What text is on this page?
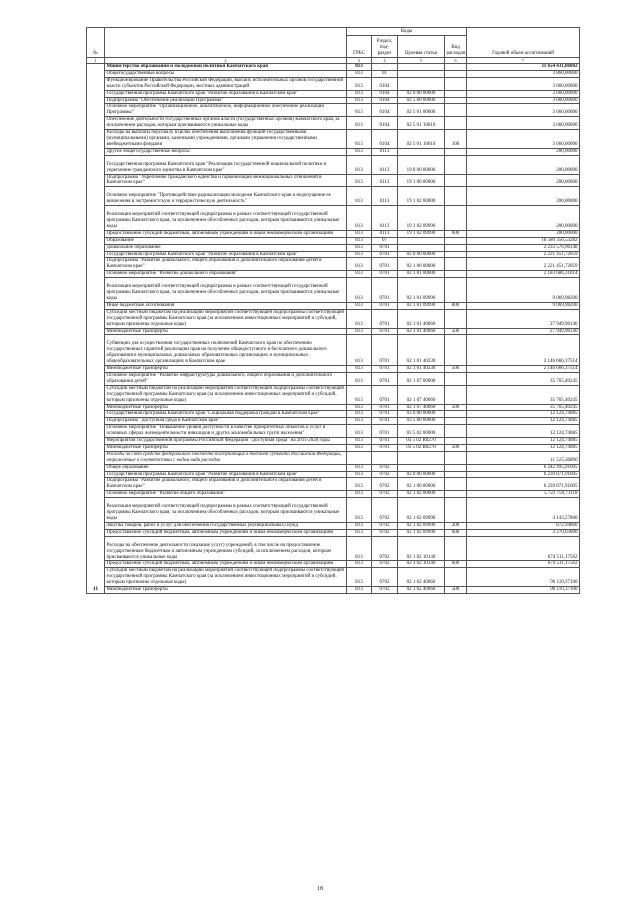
№		Коды				Годовой объем ассигнований
		ГРБС	Раздел, под-раздел	Целевая статья	Вид расходов	
1	2	3	4	5	6	7
11	Министерство образования и молодежной политики Камчатского края	813				11 654 431,06802
	Общегосударственные вопросы	813	01			3 860,00000
	Функционирование Правительства Российской Федерации, высших исполнительных органов государственной власти субъектов Российской Федерации, местных администраций	813	0104			3 660,00000
	Государственная программа Камчатского края "Развитие образования в Камчатском крае"	813	0104	02 0 00 00000		3 660,00000
	Подпрограмма "Обеспечение реализации Программы"	813	0104	02 5 00 00000		3 660,00000
	Основное мероприятие "Организационное, аналитическое, информационное обеспечение реализации Программы"	813	0104	02 5 01 00000		3 660,00000
	Обеспечение деятельности государственных органов власти (государственных органов) Камчатского края, за исключением расходов, которым присваиваются уникальные коды	813	0104	02 5 01 10010		3 660,00000
	Расходы на выплаты персоналу в целях обеспечения выполнения функций государственными (муниципальными) органами, казенными учреждениями, органами управления государственными внебюджетными фондами	813	0104	02 5 01 10010	100	3 660,00000
	Другие общегосударственные вопросы	813	0113			200,00000
	Государственная программа Камчатского края "Реализация государственной национальной политики и укрепление гражданского единства в Камчатском крае"	813	0113	19 0 00 00000		200,00000
	Подпрограмма "Укрепление гражданского единства и гармонизация межнациональных отношений в Камчатском крае"	813	0113	19 1 00 00000		200,00000
	Основное мероприятие "Противодействие радикализации молодежи Камчатского края и недопущение ее вовлечения в экстремистскую и террористическую деятельность"	813	0113	19 1 02 00000		200,00000
	Реализация мероприятий соответствующей подпрограммы в рамках соответствующей государственной программы Камчатского края, за исключением обособленных расходов, которым присваиваются уникальные коды	813	0113	19 1 02 09990		200,00000
	Предоставление субсидий бюджетным, автономным учреждениям и иным некоммерческим организациям	813	0113	19 1 02 09990	600	200,00000
	Образование	813	07			10 580 356,53282
	Дошкольное образование	813	0701			2 233 576,96148
	Государственная программа Камчатского края "Развитие образования в Камчатском крае"	813	0701	02 0 00 00000		2 221 451,72059
	Подпрограмма "Развитие дошкольного, общего образования и дополнительного образования детей в Камчатском крае"	813	0701	02 1 00 00000		2 221 451,72059
	Основное мероприятие "Развитие дошкольного образования"	813	0701	02 1 01 00000		2 183 686,31814
	Реализация мероприятий соответствующей подпрограммы в рамках соответствующей государственной программы Камчатского края, за исключением обособленных расходов, которым присваиваются уникальные коды	813	0701	02 1 01 09990		9 069,98200
	Иные бюджетные ассигнования	813	0701	02 1 01 09990	800	9 069,98200
	Субсидии местным бюджетам на реализацию мероприятий соответствующей подпрограммы соответствующей государственной программы Камчатского края (за исключением инвестиционных мероприятий и субсидий, которым присвоены отдельные коды)	813	0701	02 1 01 40060		27 949,96140
	Межбюджетные трансферты	813	0701	02 1 01 40060	500	27 949,96140
	Субвенции для осуществления государственных полномочий Камчатского края по обеспечению государственных гарантий реализации прав на получение общедоступного и бесплатного дошкольного образования в муниципальных дошкольных образовательных организациях и муниципальных общеобразовательных организациях в Камчатском крае	813	0701	02 1 01 40230		2 146 666,37514
	Межбюджетные трансферты	813	0701	02 1 01 40230	500	2 146 666,37514
	Основное мероприятие "Развитие инфраструктуры дошкольного, общего образования и дополнительного образования детей"	813	0701	02 1 07 00000		35 765,40245
	Субсидии местным бюджетам на реализацию мероприятий соответствующей подпрограммы соответствующей государственной программы Камчатского края (за исключением инвестиционных мероприятий и субсидий, которым присвоены отдельные коды)	813	0701	02 1 07 40060		35 765,40245
	Межбюджетные трансферты	813	0701	02 1 07 40060	500	35 765,40245
	Государственная программа Камчатского края "Социальная поддержка граждан в Камчатском крае"	813	0701	03 0 00 00000		12 124,74085
	Подпрограмма "Доступная среда в Камчатском крае"	813	0701	03 5 00 00000		12 124,74085
	Основное мероприятие "Повышение уровня доступности в качестве приоритетных объектов и услуг в основных сферах жизнедеятельности инвалидов и других маломобильных групп населения"	813	0701	03 5 02 00000		12 124,74085
	Мероприятия государственной программы Российской Федерации "Доступная среда" на 2011-2020 годы	813	0701	03 5 02 R0270		12 124,74085
	Межбюджетные трансферты	813	0701	03 5 02 R0270	500	12 124,74085
	Расходы за счет средств федерального бюджета поступающих в бюджет субъекта Российской Федерации, отражаемые в соответствии с кодом вида расходов					11 515,36800
	Общее образование	813	0702			6 242 495,91605
	Государственная программа Камчатского края "Развитие образования в Камчатском крае"	813	0702	02 0 00 00000		6 239 871,91605
	Подпрограмма "Развитие дошкольного, общего образования и дополнительного образования детей в Камчатском крае"	813	0702	02 1 00 00000		6 239 871,91605
	Основное мероприятие "Развитие общего образования"	813	0702	02 1 02 00000		5 721 759,71118
	Реализация мероприятий соответствующей подпрограммы в рамках соответствующей государственной программы Камчатского края, за исключением обособленных расходов, которым присваиваются уникальные коды	813	0702	02 1 02 09990		4 143,57800
	Закупка товаров, работ и услуг для обеспечения государственных (муниципальных) нужд	813	0702	02 1 02 09990	200	872,94800
	Предоставление субсидий бюджетным, автономным учреждениям и иным некоммерческим организациям	813	0702	02 1 02 09990	600	3 270,63000
	Расходы на обеспечение деятельности (оказание услуг) учреждений, в том числе на предоставление государственным бюджетным и автономным учреждениям субсидий, за исключением расходов, которым присваиваются уникальные коды	813	0702	02 1 02 10140		674 511,17562
	Предоставление субсидий бюджетным, автономным учреждениям и иным некоммерческим организациям	813	0702	02 1 02 10140	600	674 511,17562
	Субсидии местным бюджетам на реализацию мероприятий соответствующей подпрограммы соответствующей государственной программы Камчатского края (за исключением инвестиционных мероприятий и субсидий, которым присвоены отдельные коды)	813	0702	02 1 02 40060		96 110,37100
	Межбюджетные трансферты	813	0702	02 1 02 40060	500	96 110,37100
18
